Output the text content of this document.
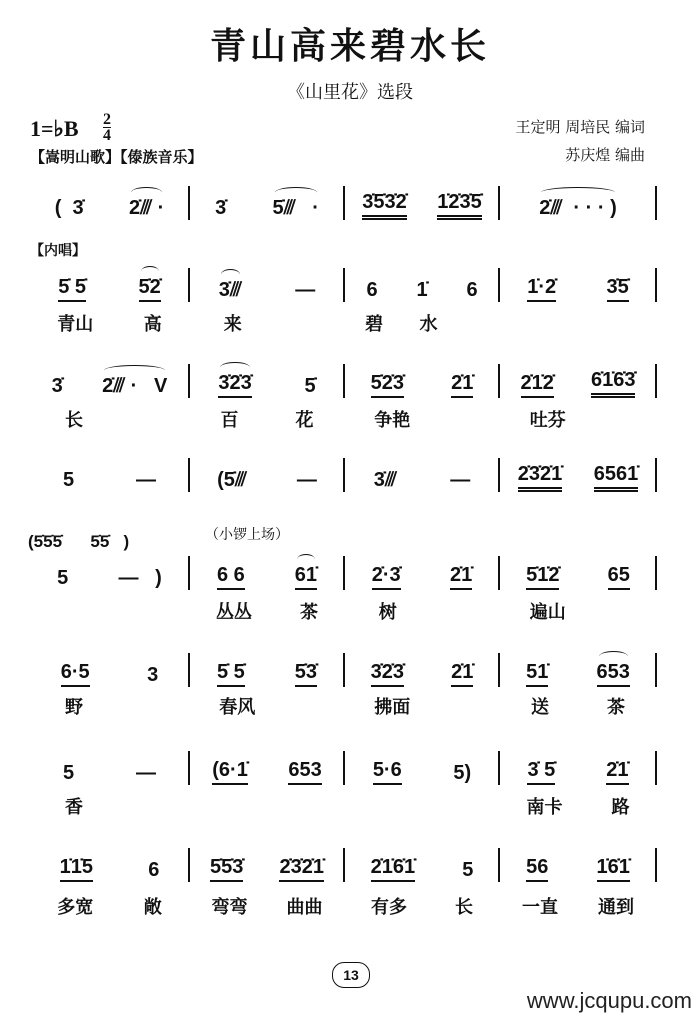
青山高来碧水长
《山里花》选段
1=♭B 2
4
【嵩明山歌】【傣族音乐】
王定明 周培民 编词
苏庆煌 编曲
【内唱】
（小锣上场）
(5̇5̇5̇      5̇5̇   )
(  3̇ 2̇⫻ ·	3̇ 5̇⫻   · 3̇5̇3̇2̇ 1̇2̇3̇5̇	2̇⫻  · · · )
5̇ 5̇	5̇2̇
青山	高
3̇⫻	—
来

6 1̇ 6
碧 水

1̇·2̇	3̇5̇
3̇ 2̇⫻ ·   V
长

3̇2̇3̇	5̇
百	花
5̇2̇3̇ 2̇1̇
争艳

2̇1̇2̇ 6̇1̇6̇3̇
吐芬

5	—	(5̇⫻	—	3̇⫻	— 2̇3̇2̇1̇ 6561̇
5	—   )	6 6 61̇
丛丛	茶
2̇·3̇ 2̇1̇
树

5̇1̇2̇ 65
遍山

6·5	3
野

5̇ 5̇ 5̇3̇
春风

3̇2̇3̇ 2̇1̇
拂面

51̇ 653
送	茶
5	—
香

(6·1̇ 653	5·6	5)	3̇ 5̇	2̇1̇
南卡	路
1̇1̇5	6
多宽	敞
5̇5̇3̇ 2̇3̇2̇1̇
弯弯 曲曲
2̇1̇6̇1̇ 5
有多	长
56 1̇6̇1̇
一直 通到
13
www.jcqupu.com
